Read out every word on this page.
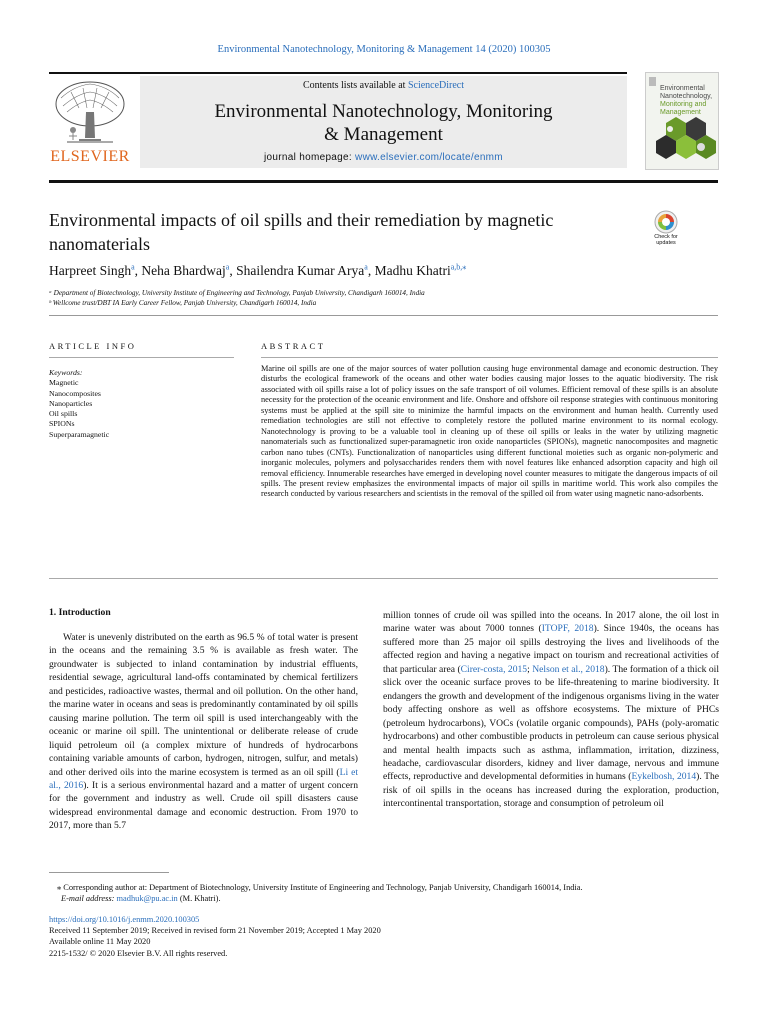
Environmental Nanotechnology, Monitoring & Management 14 (2020) 100305
ELSEVIER
Contents lists available at ScienceDirect
Environmental Nanotechnology, Monitoring
& Management
journal homepage: www.elsevier.com/locate/enmm
Environmental
Nanotechnology,
Monitoring and
Management
Environmental impacts of oil spills and their remediation by magnetic
nanomaterials	Check for
updates
Harpreet Singh$^a$, Neha Bhardwaj$^a$, Shailendra Kumar Arya$^a$, Madhu Khatri$^{a,b,⁎}$
ᵃ Department of Biotechnology, University Institute of Engineering and Technology, Panjab University, Chandigarh 160014, India
ᵇ Wellcome trust/DBT IA Early Career Fellow, Panjab University, Chandigarh 160014, India
ARTICLE INFO	ABSTRACT
Keywords:
Magnetic
Nanocomposites
Nanoparticles
Oil spills
SPIONs
Superparamagnetic
Marine oil spills are one of the major sources of water pollution causing huge environmental damage and economic destruction. They disturbs the ecological framework of the oceans and other water bodies causing major losses to the aquatic biodiversity. The risk associated with oil spills raise a lot of policy issues on the safe transport of oil volumes. Efficient removal of these spills is an absolute necessity for the protection of the oceanic environment and life. Onshore and offshore oil response strategies with continuous monitoring systems must be applied at the spill site to minimize the harmful impacts on the environment and human health. Currently used remediation technologies are still not effective to completely restore the polluted marine environment to its normal ecology. Nanotechnology is proving to be a valuable tool in cleaning up of these oil spills or leaks in the water by utilizing magnetic nanomaterials such as functionalized super-paramagnetic iron oxide nanoparticles (SPIONs), magnetic nanocomposites and magnetic carbon nano tubes (CNTs). Functionalization of nanoparticles using different functional moieties such as organic non-polymeric and inorganic molecules, polymers and polysaccharides renders them with novel features like enhanced adsorption capacity and high oil removal efficiency. Innumerable researches have emerged in developing novel counter measures to mitigate the dangerous impacts of oil spills. The present review emphasizes the environmental impacts of major oil spills in maritime world. This work also compiles the research conducted by various researchers and scientists in the removal of the spilled oil from water using magnetic nano-adsorbents.
1. Introduction
Water is unevenly distributed on the earth as 96.5 % of total water is present in the oceans and the remaining 3.5 % is available as fresh water. The groundwater is subjected to inland contamination by industrial effluents, residential sewage, agricultural land-offs contaminated by chemical fertilizers and pesticides, radioactive wastes, thermal and oil pollution. On the other hand, the marine water in oceans and seas is predominantly contaminated by oil spills causing marine pollution. The term oil spill is used interchangeably with the oceanic or marine oil spill. The unintentional or deliberate release of crude liquid petroleum oil (a complex mixture of hundreds of hydrocarbons containing variable amounts of carbon, hydrogen, nitrogen, sulfur, and metals) and other derived oils into the marine ecosystem is termed as an oil spill (Li et al., 2016). It is a serious environmental hazard and a matter of urgent concern for the government and industry as well. Crude oil spill disasters cause widespread environmental damage and economic destruction. From 1970 to 2017, more than 5.7
million tonnes of crude oil was spilled into the oceans. In 2017 alone, the oil lost in marine water was about 7000 tonnes (ITOPF, 2018). Since 1940s, the oceans has suffered more than 25 major oil spills destroying the lives and livelihoods of the affected region and having a negative impact on tourism and recreational activities of that particular area (Cirer-costa, 2015; Nelson et al., 2018). The formation of a thick oil slick over the oceanic surface proves to be life-threatening to marine biodiversity. It endangers the growth and development of the indigenous organisms living in the water body affecting onshore as well as offshore ecosystems. The mixture of PHCs (petroleum hydrocarbons), VOCs (volatile organic compounds), PAHs (poly-aromatic hydrocarbons) and other combustible products in petroleum can cause serious physical and mental health impacts such as asthma, inflammation, irritation, dizziness, headache, cardiovascular disorders, kidney and liver damage, nervous and immune effects, reproductive and developmental deformities in humans (Eykelbosh, 2014). The risk of oil spills in the oceans has increased during the exploration, production, intercontinental transportation, storage and consumption of petroleum oil
⁎ Corresponding author at: Department of Biotechnology, University Institute of Engineering and Technology, Panjab University, Chandigarh 160014, India.
E-mail address: madhuk@pu.ac.in (M. Khatri).
https://doi.org/10.1016/j.enmm.2020.100305
Received 11 September 2019; Received in revised form 21 November 2019; Accepted 1 May 2020
Available online 11 May 2020
2215-1532/ © 2020 Elsevier B.V. All rights reserved.
